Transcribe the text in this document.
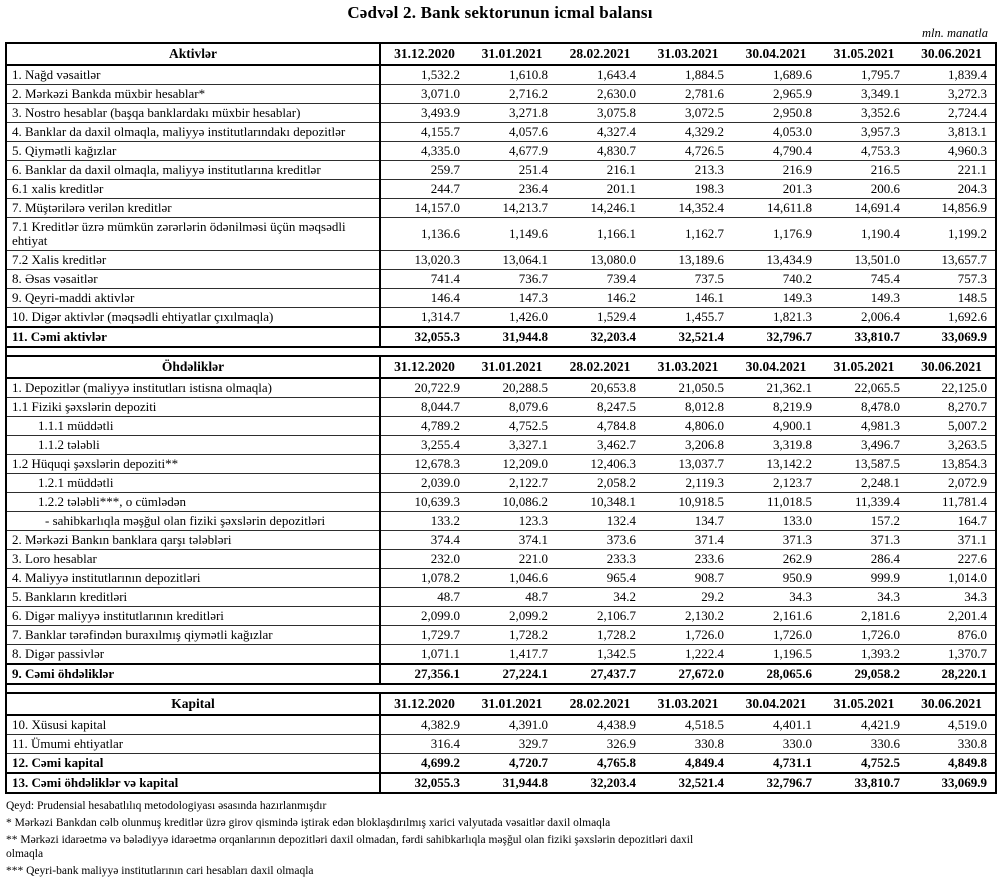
Cədvəl 2. Bank sektorunun icmal balansı
mln. manatla
Aktivlər	31.12.2020	31.01.2021	28.02.2021	31.03.2021	30.04.2021	31.05.2021	30.06.2021
1. Nağd vəsaitlər	1,532.2	1,610.8	1,643.4	1,884.5	1,689.6	1,795.7	1,839.4
2. Mərkəzi Bankda müxbir hesablar*	3,071.0	2,716.2	2,630.0	2,781.6	2,965.9	3,349.1	3,272.3
3. Nostro hesablar (başqa banklardakı müxbir hesablar)	3,493.9	3,271.8	3,075.8	3,072.5	2,950.8	3,352.6	2,724.4
4. Banklar da daxil olmaqla, maliyyə institutlarındakı depozitlər	4,155.7	4,057.6	4,327.4	4,329.2	4,053.0	3,957.3	3,813.1
5. Qiymətli kağızlar	4,335.0	4,677.9	4,830.7	4,726.5	4,790.4	4,753.3	4,960.3
6. Banklar da daxil olmaqla, maliyyə institutlarına kreditlər	259.7	251.4	216.1	213.3	216.9	216.5	221.1
6.1 xalis kreditlər	244.7	236.4	201.1	198.3	201.3	200.6	204.3
7. Müştərilərə verilən kreditlər	14,157.0	14,213.7	14,246.1	14,352.4	14,611.8	14,691.4	14,856.9
7.1 Kreditlər üzrə mümkün zərərlərin ödənilməsi üçün məqsədli ehtiyat	1,136.6	1,149.6	1,166.1	1,162.7	1,176.9	1,190.4	1,199.2
7.2 Xalis kreditlər	13,020.3	13,064.1	13,080.0	13,189.6	13,434.9	13,501.0	13,657.7
8. Əsas vəsaitlər	741.4	736.7	739.4	737.5	740.2	745.4	757.3
9. Qeyri-maddi aktivlər	146.4	147.3	146.2	146.1	149.3	149.3	148.5
10. Digər aktivlər (məqsədli ehtiyatlar çıxılmaqla)	1,314.7	1,426.0	1,529.4	1,455.7	1,821.3	2,006.4	1,692.6
11. Cəmi aktivlər	32,055.3	31,944.8	32,203.4	32,521.4	32,796.7	33,810.7	33,069.9

Öhdəliklər	31.12.2020	31.01.2021	28.02.2021	31.03.2021	30.04.2021	31.05.2021	30.06.2021
1. Depozitlər (maliyyə institutları istisna olmaqla)	20,722.9	20,288.5	20,653.8	21,050.5	21,362.1	22,065.5	22,125.0
1.1 Fiziki şəxslərin depoziti	8,044.7	8,079.6	8,247.5	8,012.8	8,219.9	8,478.0	8,270.7
1.1.1 müddətli	4,789.2	4,752.5	4,784.8	4,806.0	4,900.1	4,981.3	5,007.2
1.1.2 tələbli	3,255.4	3,327.1	3,462.7	3,206.8	3,319.8	3,496.7	3,263.5
1.2 Hüquqi şəxslərin depoziti**	12,678.3	12,209.0	12,406.3	13,037.7	13,142.2	13,587.5	13,854.3
1.2.1 müddətli	2,039.0	2,122.7	2,058.2	2,119.3	2,123.7	2,248.1	2,072.9
1.2.2 tələbli***, o cümlədən	10,639.3	10,086.2	10,348.1	10,918.5	11,018.5	11,339.4	11,781.4
- sahibkarlıqla məşğul olan fiziki şəxslərin depozitləri	133.2	123.3	132.4	134.7	133.0	157.2	164.7
2. Mərkəzi Bankın banklara qarşı tələbləri	374.4	374.1	373.6	371.4	371.3	371.3	371.1
3. Loro hesablar	232.0	221.0	233.3	233.6	262.9	286.4	227.6
4. Maliyyə institutlarının depozitləri	1,078.2	1,046.6	965.4	908.7	950.9	999.9	1,014.0
5. Bankların kreditləri	48.7	48.7	34.2	29.2	34.3	34.3	34.3
6. Digər maliyyə institutlarının kreditləri	2,099.0	2,099.2	2,106.7	2,130.2	2,161.6	2,181.6	2,201.4
7. Banklar tərəfindən buraxılmış qiymətli kağızlar	1,729.7	1,728.2	1,728.2	1,726.0	1,726.0	1,726.0	876.0
8. Digər passivlər	1,071.1	1,417.7	1,342.5	1,222.4	1,196.5	1,393.2	1,370.7
9. Cəmi öhdəliklər	27,356.1	27,224.1	27,437.7	27,672.0	28,065.6	29,058.2	28,220.1

Kapital	31.12.2020	31.01.2021	28.02.2021	31.03.2021	30.04.2021	31.05.2021	30.06.2021
10. Xüsusi kapital	4,382.9	4,391.0	4,438.9	4,518.5	4,401.1	4,421.9	4,519.0
11. Ümumi ehtiyatlar	316.4	329.7	326.9	330.8	330.0	330.6	330.8
12. Cəmi kapital	4,699.2	4,720.7	4,765.8	4,849.4	4,731.1	4,752.5	4,849.8
13. Cəmi öhdəliklər və kapital	32,055.3	31,944.8	32,203.4	32,521.4	32,796.7	33,810.7	33,069.9
Qeyd: Prudensial hesabatlılıq metodologiyası əsasında hazırlanmışdır
* Mərkəzi Bankdan cəlb olunmuş kreditlər üzrə girov qismində iştirak edən bloklaşdırılmış xarici valyutada vəsaitlər daxil olmaqla
** Mərkəzi idarəetmə və bələdiyyə idarəetmə orqanlarının depozitləri daxil olmadan, fərdi sahibkarlıqla məşğul olan fiziki şəxslərin depozitləri daxil olmaqla
*** Qeyri-bank maliyyə institutlarının cari hesabları daxil olmaqla
